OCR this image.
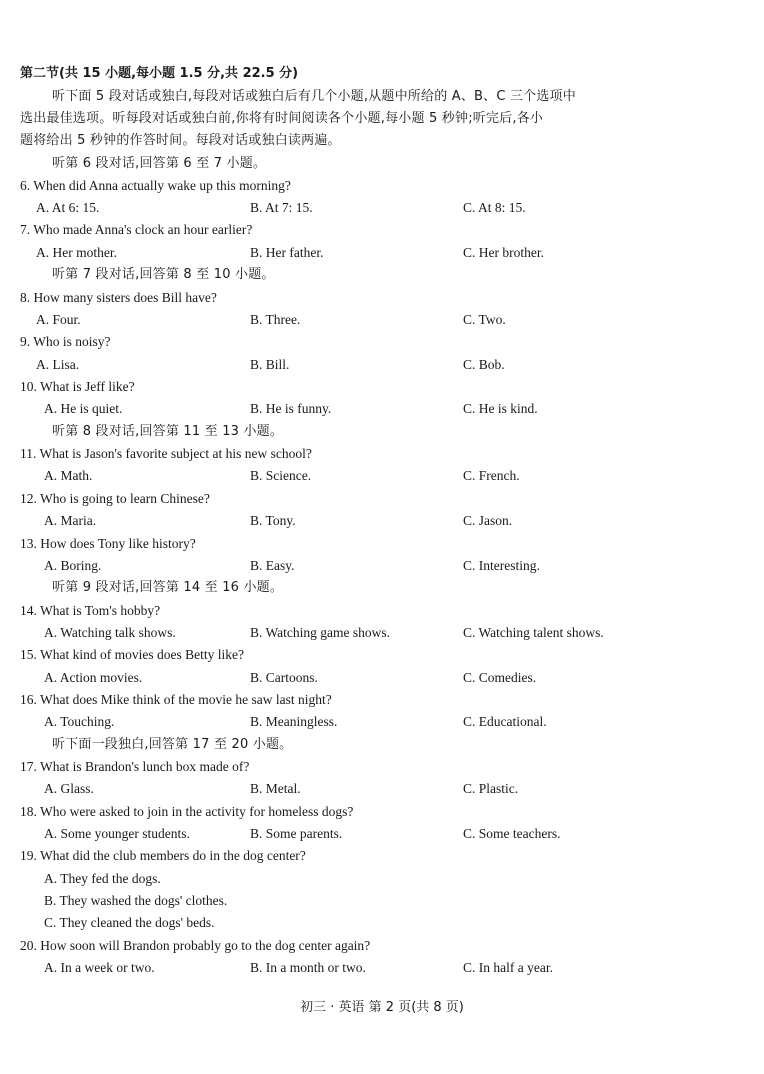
第二节(共 15 小题,每小题 1.5 分,共 22.5 分)
听下面 5 段对话或独白,每段对话或独白后有几个小题,从题中所给的 A、B、C 三个选项中
选出最佳选项。听每段对话或独白前,你将有时间阅读各个小题,每小题 5 秒钟;听完后,各小
题将给出 5 秒钟的作答时间。每段对话或独白读两遍。
听第 6 段对话,回答第 6 至 7 小题。
6. When did Anna actually wake up this morning?
A. At 6: 15.	B. At 7: 15.	C. At 8: 15.
7. Who made Anna's clock an hour earlier?
A. Her mother.	B. Her father.	C. Her brother.
听第 7 段对话,回答第 8 至 10 小题。
8. How many sisters does Bill have?
A. Four.	B. Three.	C. Two.
9. Who is noisy?
A. Lisa.	B. Bill.	C. Bob.
10. What is Jeff like?
A. He is quiet.	B. He is funny.	C. He is kind.
听第 8 段对话,回答第 11 至 13 小题。
11. What is Jason's favorite subject at his new school?
A. Math.	B. Science.	C. French.
12. Who is going to learn Chinese?
A. Maria.	B. Tony.	C. Jason.
13. How does Tony like history?
A. Boring.	B. Easy.	C. Interesting.
听第 9 段对话,回答第 14 至 16 小题。
14. What is Tom's hobby?
A. Watching talk shows.	B. Watching game shows.	C. Watching talent shows.
15. What kind of movies does Betty like?
A. Action movies.	B. Cartoons.	C. Comedies.
16. What does Mike think of the movie he saw last night?
A. Touching.	B. Meaningless.	C. Educational.
听下面一段独白,回答第 17 至 20 小题。
17. What is Brandon's lunch box made of?
A. Glass.	B. Metal.	C. Plastic.
18. Who were asked to join in the activity for homeless dogs?
A. Some younger students.	B. Some parents.	C. Some teachers.
19. What did the club members do in the dog center?
A. They fed the dogs.
B. They washed the dogs' clothes.
C. They cleaned the dogs' beds.
20. How soon will Brandon probably go to the dog center again?
A. In a week or two.	B. In a month or two.	C. In half a year.
初三 · 英语 第 2 页(共 8 页)
